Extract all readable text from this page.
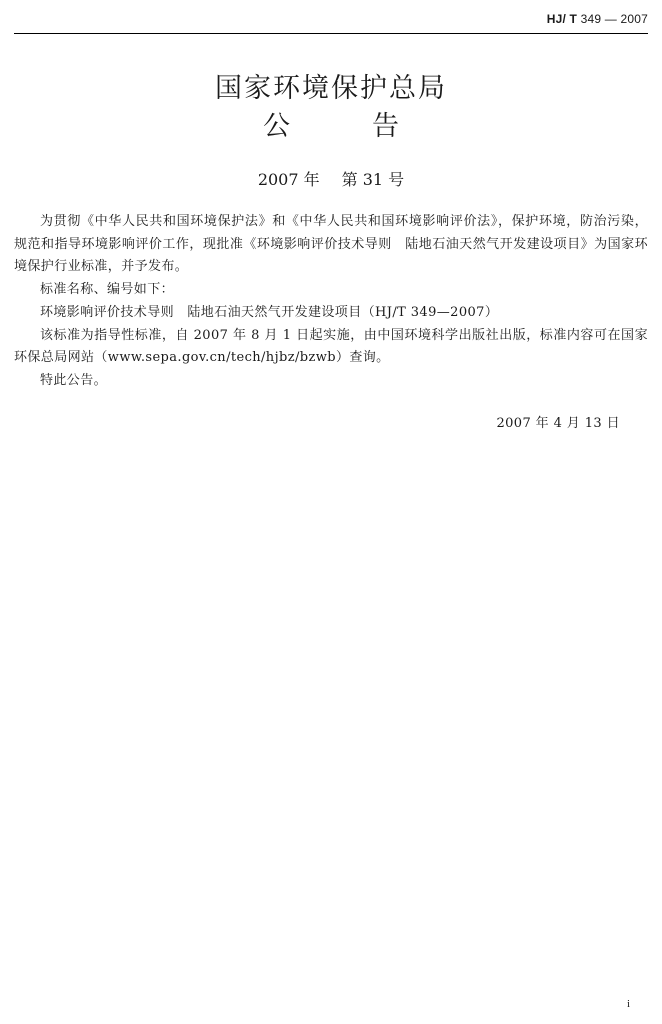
HJ/ T 349 — 2007
国家环境保护总局
公	告
2007 年 第 31 号

为贯彻《中华人民共和国环境保护法》和《中华人民共和国环境影响评价法》，保护环境，防治污染，规范和指导环境影响评价工作，现批准《环境影响评价技术导则　陆地石油天然气开发建设项目》为国家环境保护行业标准，并予发布。

标准名称、编号如下：

环境影响评价技术导则　陆地石油天然气开发建设项目（HJ/T 349—2007）

该标准为指导性标准，自 2007 年 8 月 1 日起实施，由中国环境科学出版社出版，标准内容可在国家环保总局网站（www.sepa.gov.cn/tech/hjbz/bzwb）查询。

特此公告。

2007 年 4 月 13 日
i
